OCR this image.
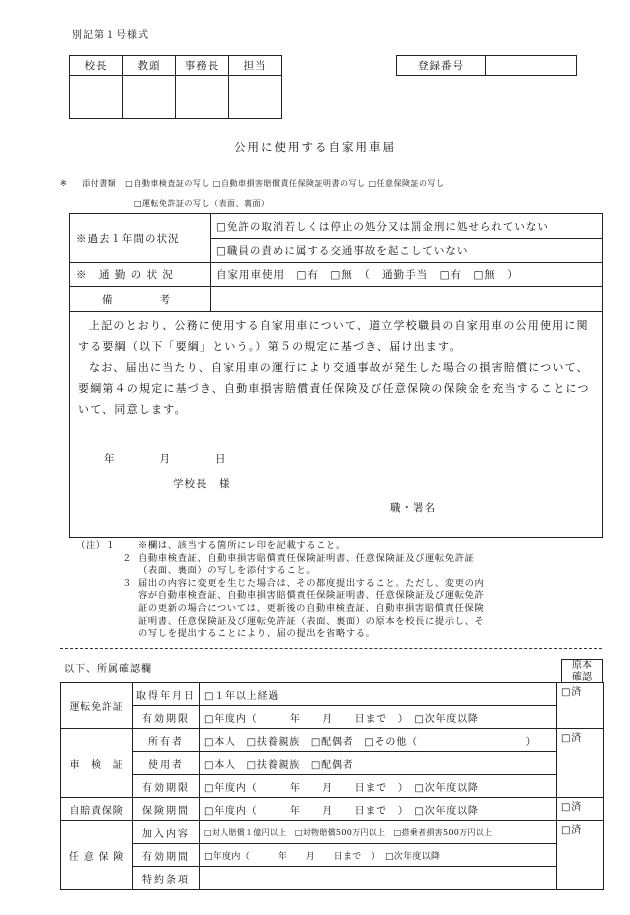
別記第１号様式
校長	教頭	事務長	担当
				登録番号	
公用に使用する自家用車届
※ 添付書類 □自動車検査証の写し □自動車損害賠償責任保険証明書の写し □任意保険証の写し
□運転免許証の写し（表面、裏面）
※過去１年間の状況
□免許の取消若しくは停止の処分又は罰金刑に処せられていない
□職員の責めに属する交通事故を起こしていない
※　通 勤 の 状 況	自家用車使用　□有　□無　（　通勤手当　□有　□無　）
備　　　　考
上記のとおり、公務に使用する自家用車について、道立学校職員の自家用車の公用使用に関する要綱（以下「要綱」という。）第５の規定に基づき、届け出ます。
なお、届出に当たり、自家用車の運行により交通事故が発生した場合の損害賠償について、要綱第４の規定に基づき、自動車損害賠償責任保険及び任意保険の保険金を充当することについて、同意します。
年　　月　　日
学校長　様
職・署名
（注）１ ※欄は、該当する箇所にレ印を記載すること。
２ 自動車検査証、自動車損害賠償責任保険証明書、任意保険証及び運転免許証
（表面、裏面）の写しを添付すること。
３ 届出の内容に変更を生じた場合は、その都度提出すること。ただし、変更の内
容が自動車検査証、自動車損害賠償責任保険証明書、任意保険証及び運転免許
証の更新の場合については、更新後の自動車検査証、自動車損害賠償責任保険
証明書、任意保険証及び運転免許証（表面、裏面）の原本を校長に提示し、そ
の写しを提出することにより、届の提出を省略する。
以下、所属確認欄	原本
確認
運転免許証	取得年月日	□１年以上経過	□済
	有効期限	□年度内（　　　年　　月　　日まで　）　□次年度以降	
車　検　証	所有者	□本人　□扶養親族　□配偶者　□その他（　　　　　　　　　　）	□済
	使用者	□本人　□扶養親族　□配偶者	
	有効期限	□年度内（　　　年　　月　　日まで　）　□次年度以降	
自賠責保険	保険期間	□年度内（　　　年　　月　　日まで　）　□次年度以降	□済
任 意 保 険	加入内容	□対人賠償１億円以上　□対物賠償500万円以上　□搭乗者損害500万円以上	□済
	有効期間	□年度内（　　　年　　月　　日まで　）　□次年度以降	
	特約条項		
